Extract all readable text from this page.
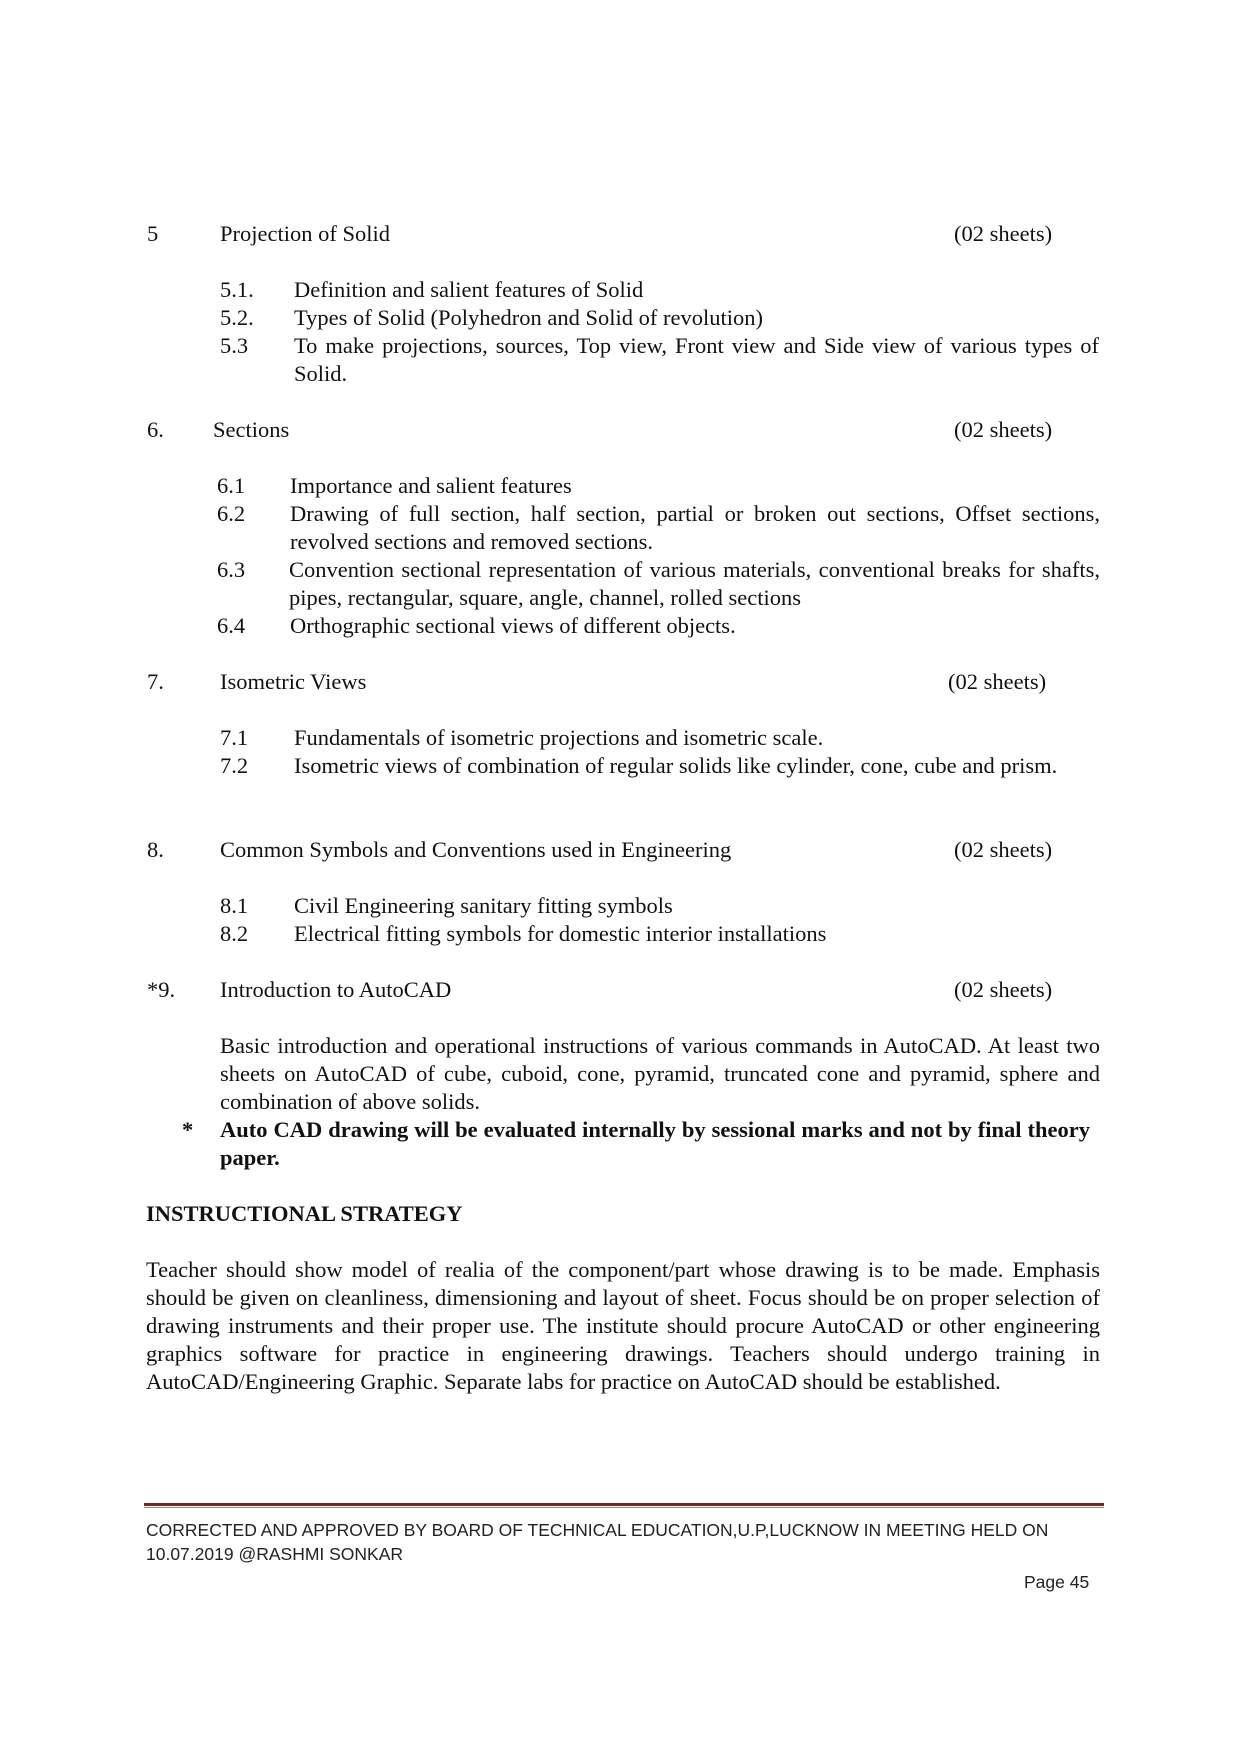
5	Projection of Solid	(02 sheets)
5.1. Definition and salient features of Solid
5.2. Types of Solid (Polyhedron and Solid of revolution)
5.3 To make projections, sources, Top view, Front view and Side view of various types of Solid.
6. Sections	(02 sheets)
6.1 Importance and salient features
6.2 Drawing of full section, half section, partial or broken out sections, Offset sections, revolved sections and removed sections.
6.3 Convention sectional representation of various materials, conventional breaks for shafts, pipes, rectangular, square, angle, channel, rolled sections
6.4 Orthographic sectional views of different objects.
7. Isometric Views	(02 sheets)
7.1 Fundamentals of isometric projections and isometric scale.
7.2 Isometric views of combination of regular solids like cylinder, cone, cube and prism.
8. Common Symbols and Conventions used in Engineering	(02 sheets)
8.1 Civil Engineering sanitary fitting symbols
8.2 Electrical fitting symbols for domestic interior installations
*9. Introduction to AutoCAD	(02 sheets)
Basic introduction and operational instructions of various commands in AutoCAD. At least two sheets on AutoCAD of cube, cuboid, cone, pyramid, truncated cone and pyramid, sphere and combination of above solids.
* Auto CAD drawing will be evaluated internally by sessional marks and not by final theory paper.
INSTRUCTIONAL STRATEGY
Teacher should show model of realia of the component/part whose drawing is to be made. Emphasis should be given on cleanliness, dimensioning and layout of sheet. Focus should be on proper selection of drawing instruments and their proper use. The institute should procure AutoCAD or other engineering graphics software for practice in engineering drawings. Teachers should undergo training in AutoCAD/Engineering Graphic. Separate labs for practice on AutoCAD should be established.
CORRECTED AND APPROVED BY BOARD OF TECHNICAL EDUCATION,U.P,LUCKNOW IN MEETING HELD ON
10.07.2019 @RASHMI SONKAR
Page 45
